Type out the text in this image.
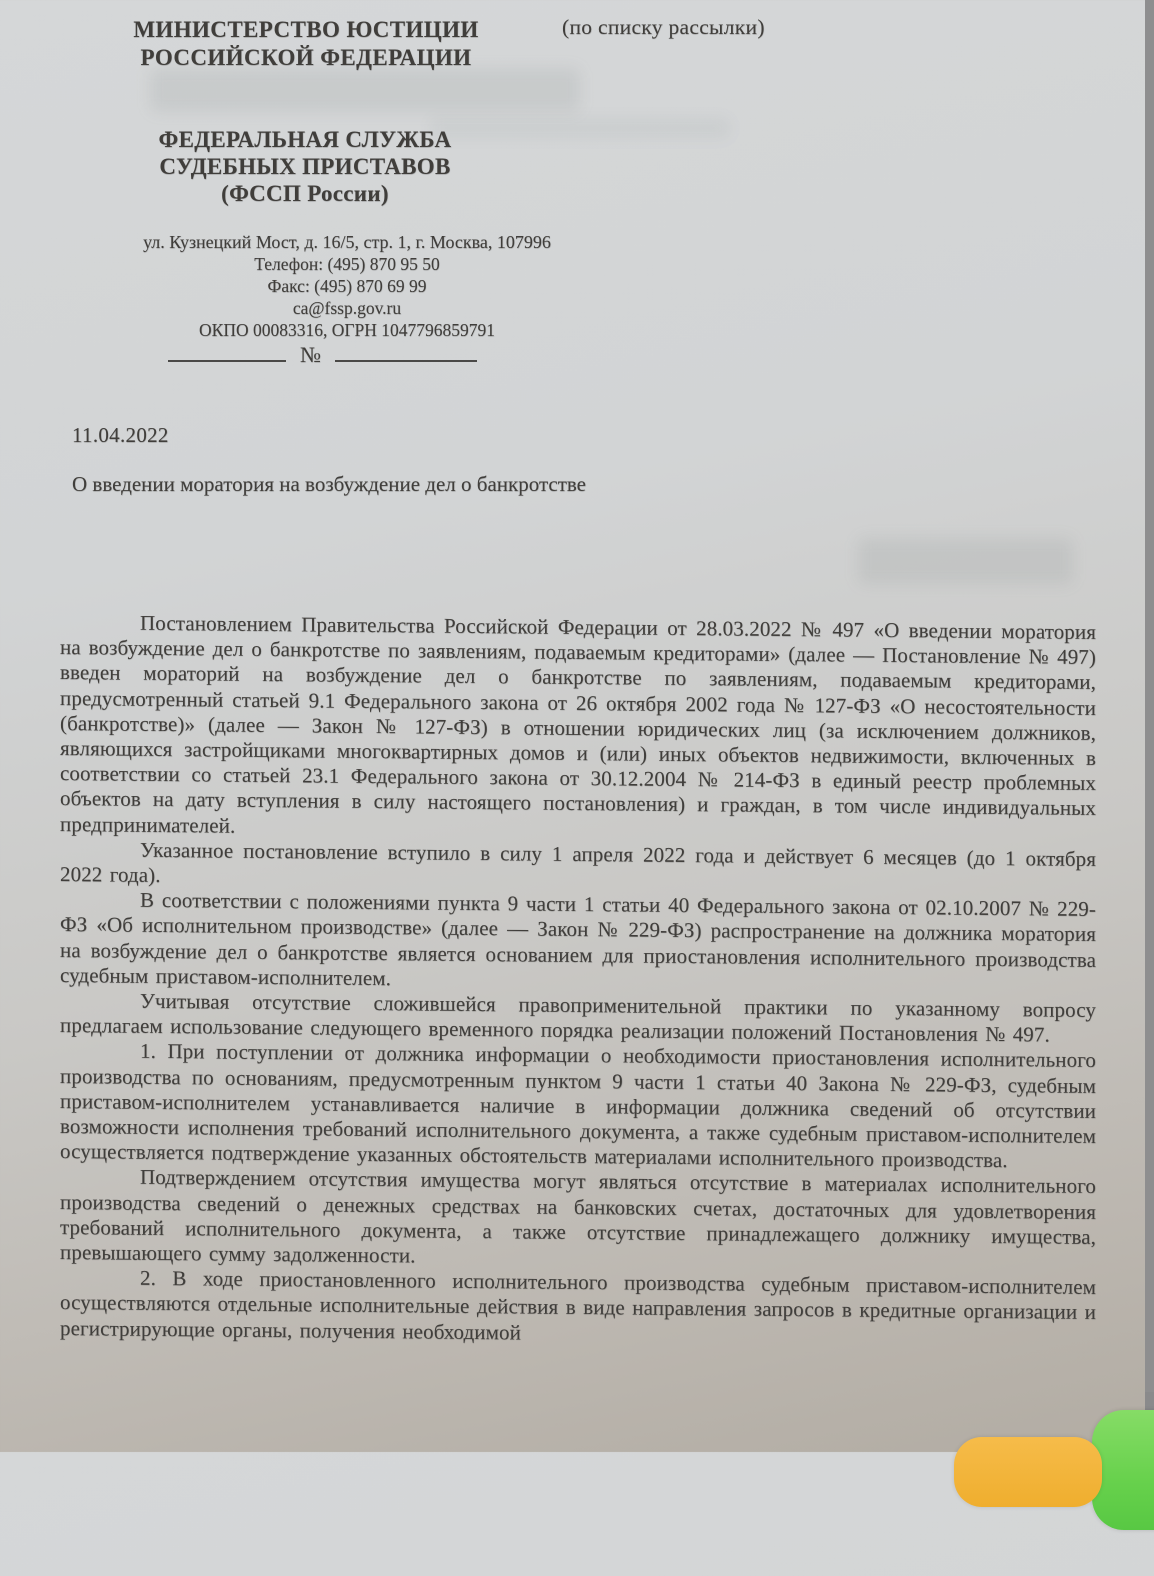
МИНИСТЕРСТВО ЮСТИЦИИ
РОССИЙСКОЙ ФЕДЕРАЦИИ
(по списку рассылки)
ФЕДЕРАЛЬНАЯ СЛУЖБА
СУДЕБНЫХ ПРИСТАВОВ
(ФССП России)
ул. Кузнецкий Мост, д. 16/5, стр. 1, г. Москва, 107996
Телефон: (495) 870 95 50
Факс: (495) 870 69 99
ca@fssp.gov.ru
ОКПО 00083316, ОГРН 1047796859791
№
11.04.2022
О введении моратория на возбуждение дел о банкротстве

Постановлением Правительства Российской Федерации от 28.03.2022 № 497 «О введении моратория на возбуждение дел о банкротстве по заявлениям, подаваемым кредиторами» (далее — Постановление № 497) введен мораторий на возбуждение дел о банкротстве по заявлениям, подаваемым кредиторами, предусмотренный статьей 9.1 Федерального закона от 26 октября 2002 года № 127-ФЗ «О несостоятельности (банкротстве)» (далее — Закон № 127-ФЗ) в отношении юридических лиц (за исключением должников, являющихся застройщиками многоквартирных домов и (или) иных объектов недвижимости, включенных в соответствии со статьей 23.1 Федерального закона от 30.12.2004 № 214-ФЗ в единый реестр проблемных объектов на дату вступления в силу настоящего постановления) и граждан, в том числе индивидуальных предпринимателей.

Указанное постановление вступило в силу 1 апреля 2022 года и действует 6 месяцев (до 1 октября 2022 года).

В соответствии с положениями пункта 9 части 1 статьи 40 Федерального закона от 02.10.2007 № 229-ФЗ «Об исполнительном производстве» (далее — Закон № 229-ФЗ) распространение на должника моратория на возбуждение дел о банкротстве является основанием для приостановления исполнительного производства судебным приставом-исполнителем.

Учитывая отсутствие сложившейся правоприменительной практики по указанному вопросу предлагаем использование следующего временного порядка реализации положений Постановления № 497.

1. При поступлении от должника информации о необходимости приостановления исполнительного производства по основаниям, предусмотренным пунктом 9 части 1 статьи 40 Закона № 229-ФЗ, судебным приставом-исполнителем устанавливается наличие в информации должника сведений об отсутствии возможности исполнения требований исполнительного документа, а также судебным приставом-исполнителем осуществляется подтверждение указанных обстоятельств материалами исполнительного производства.

Подтверждением отсутствия имущества могут являться отсутствие в материалах исполнительного производства сведений о денежных средствах на банковских счетах, достаточных для удовлетворения требований исполнительного документа, а также отсутствие принадлежащего должнику имущества, превышающего сумму задолженности.

2. В ходе приостановленного исполнительного производства судебным приставом-исполнителем осуществляются отдельные исполнительные действия в виде направления запросов в кредитные организации и регистрирующие органы, получения необходимой
